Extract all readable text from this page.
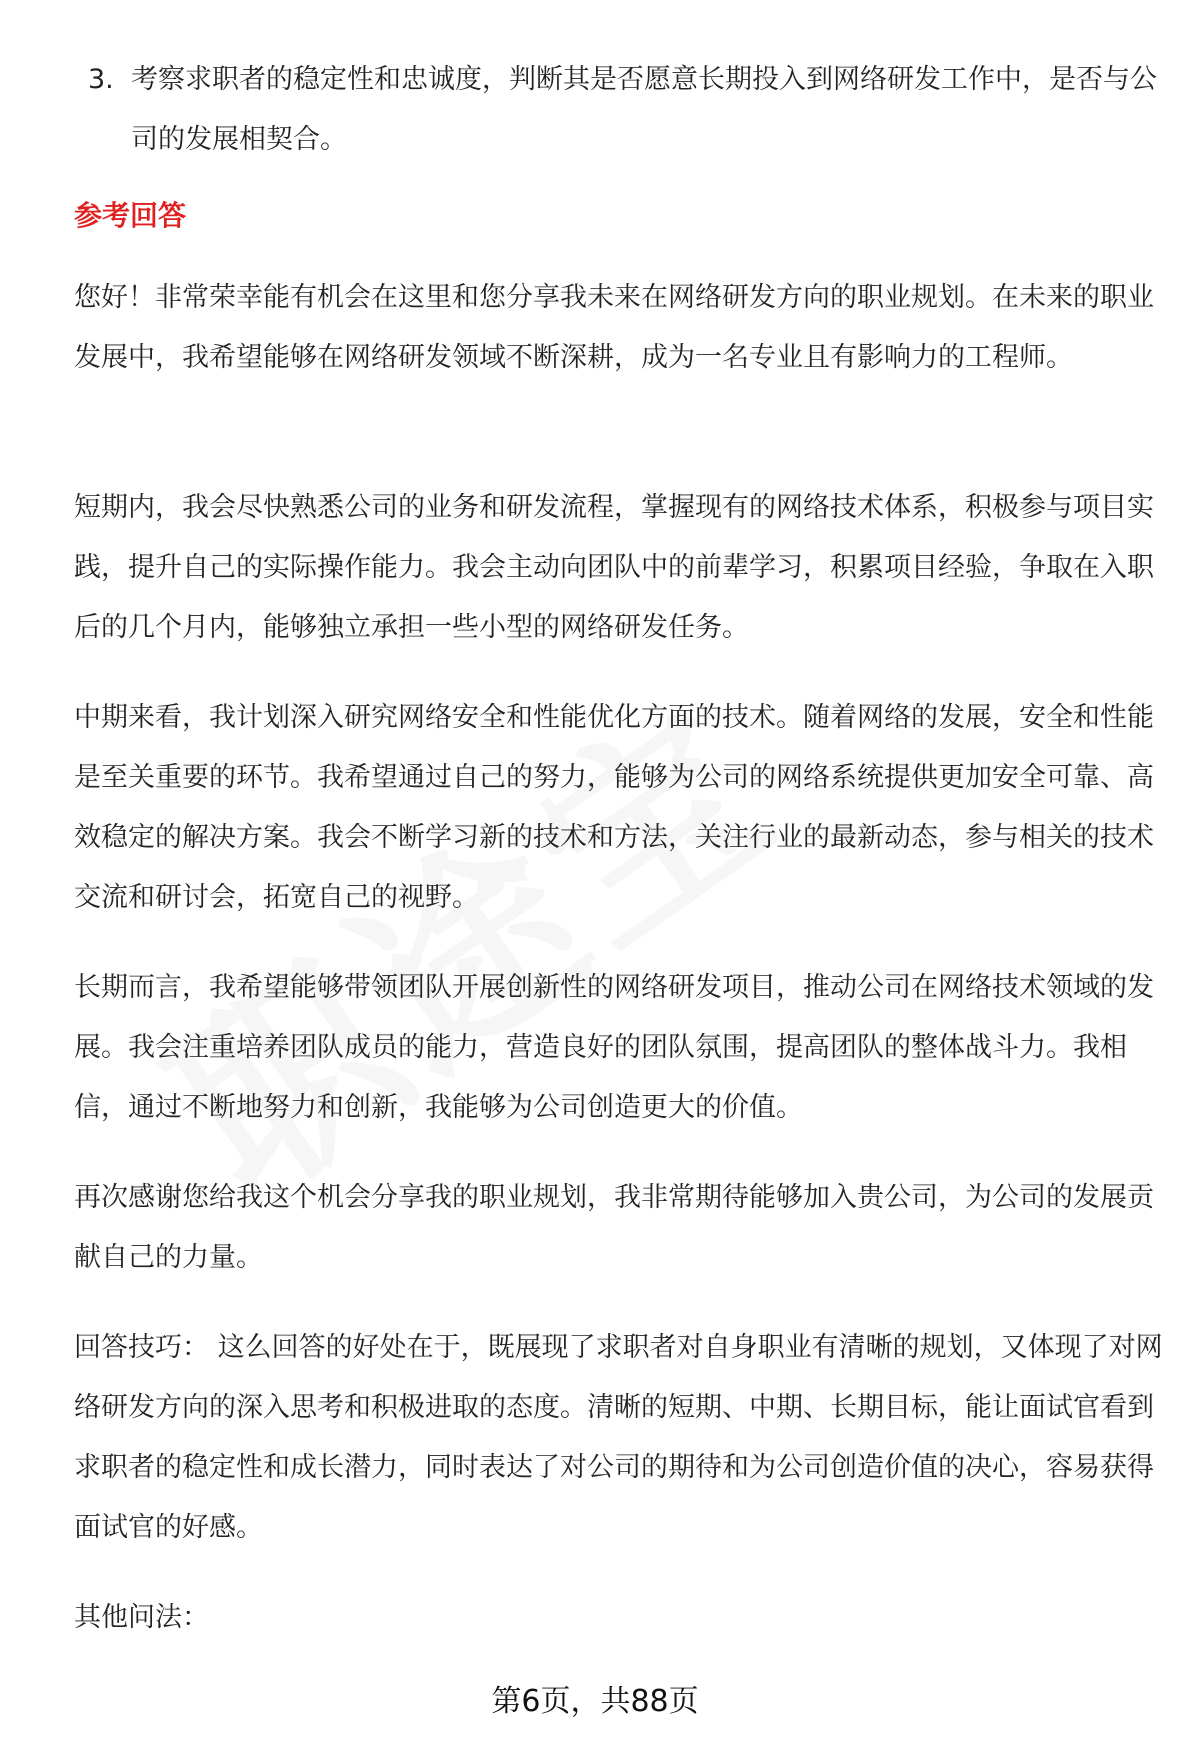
3. 考察求职者的稳定性和忠诚度，判断其是否愿意长期投入到网络研发工作中，是否与公司的发展相契合。
参考回答

您好！非常荣幸能有机会在这里和您分享我未来在网络研发方向的职业规划。在未来的职业发展中，我希望能够在网络研发领域不断深耕，成为一名专业且有影响力的工程师。

短期内，我会尽快熟悉公司的业务和研发流程，掌握现有的网络技术体系，积极参与项目实践，提升自己的实际操作能力。我会主动向团队中的前辈学习，积累项目经验，争取在入职后的几个月内，能够独立承担一些小型的网络研发任务。

中期来看，我计划深入研究网络安全和性能优化方面的技术。随着网络的发展，安全和性能是至关重要的环节。我希望通过自己的努力，能够为公司的网络系统提供更加安全可靠、高效稳定的解决方案。我会不断学习新的技术和方法，关注行业的最新动态，参与相关的技术交流和研讨会，拓宽自己的视野。

长期而言，我希望能够带领团队开展创新性的网络研发项目，推动公司在网络技术领域的发展。我会注重培养团队成员的能力，营造良好的团队氛围，提高团队的整体战斗力。我相信，通过不断地努力和创新，我能够为公司创造更大的价值。

再次感谢您给我这个机会分享我的职业规划，我非常期待能够加入贵公司，为公司的发展贡献自己的力量。

回答技巧： 这么回答的好处在于，既展现了求职者对自身职业有清晰的规划，又体现了对网络研发方向的深入思考和积极进取的态度。清晰的短期、中期、长期目标，能让面试官看到求职者的稳定性和成长潜力，同时表达了对公司的期待和为公司创造价值的决心，容易获得面试官的好感。

其他问法：

第6页，共88页
